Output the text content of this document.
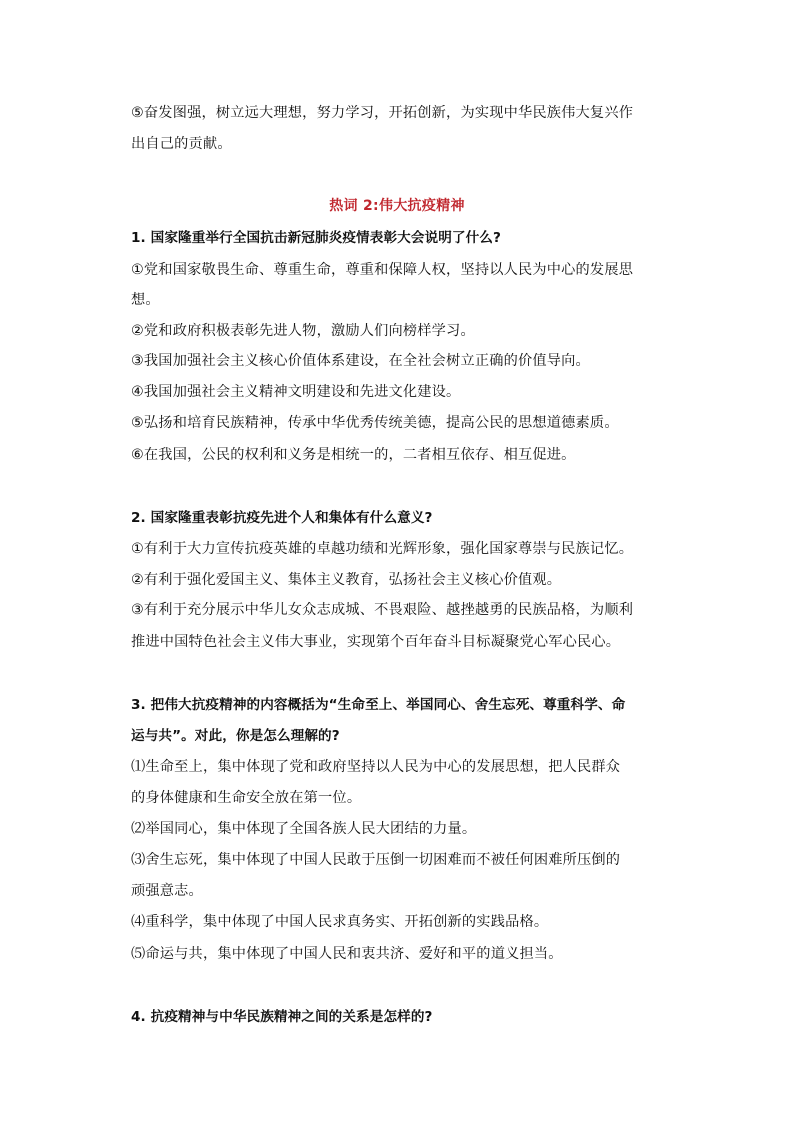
⑤奋发图强，树立远大理想，努力学习，开拓创新，为实现中华民族伟大复兴作
出自己的贡献。
热词 2:伟大抗疫精神
1. 国家隆重举行全国抗击新冠肺炎疫情表彰大会说明了什么?
①党和国家敬畏生命、尊重生命，尊重和保障人权，坚持以人民为中心的发展思
想。
②党和政府积极表彰先进人物，激励人们向榜样学习。
③我国加强社会主义核心价值体系建设，在全社会树立正确的价值导向。
④我国加强社会主义精神文明建设和先进文化建设。
⑤弘扬和培育民族精神，传承中华优秀传统美德，提高公民的思想道德素质。
⑥在我国，公民的权利和义务是相统一的，二者相互依存、相互促进。
2. 国家隆重表彰抗疫先进个人和集体有什么意义?
①有利于大力宣传抗疫英雄的卓越功绩和光辉形象，强化国家尊崇与民族记忆。
②有利于强化爱国主义、集体主义教育，弘扬社会主义核心价值观。
③有利于充分展示中华儿女众志成城、不畏艰险、越挫越勇的民族品格，为顺利
推进中国特色社会主义伟大事业，实现第个百年奋斗目标凝聚党心军心民心。
3. 把伟大抗疫精神的内容概括为“生命至上、举国同心、舍生忘死、尊重科学、命
运与共”。对此，你是怎么理解的?
⑴生命至上，集中体现了党和政府坚持以人民为中心的发展思想，把人民群众
的身体健康和生命安全放在第一位。
⑵举国同心，集中体现了全国各族人民大团结的力量。
⑶舍生忘死，集中体现了中国人民敢于压倒一切困难而不被任何困难所压倒的
顽强意志。
⑷重科学，集中体现了中国人民求真务实、开拓创新的实践品格。
⑸命运与共，集中体现了中国人民和衷共济、爱好和平的道义担当。
4. 抗疫精神与中华民族精神之间的关系是怎样的?
